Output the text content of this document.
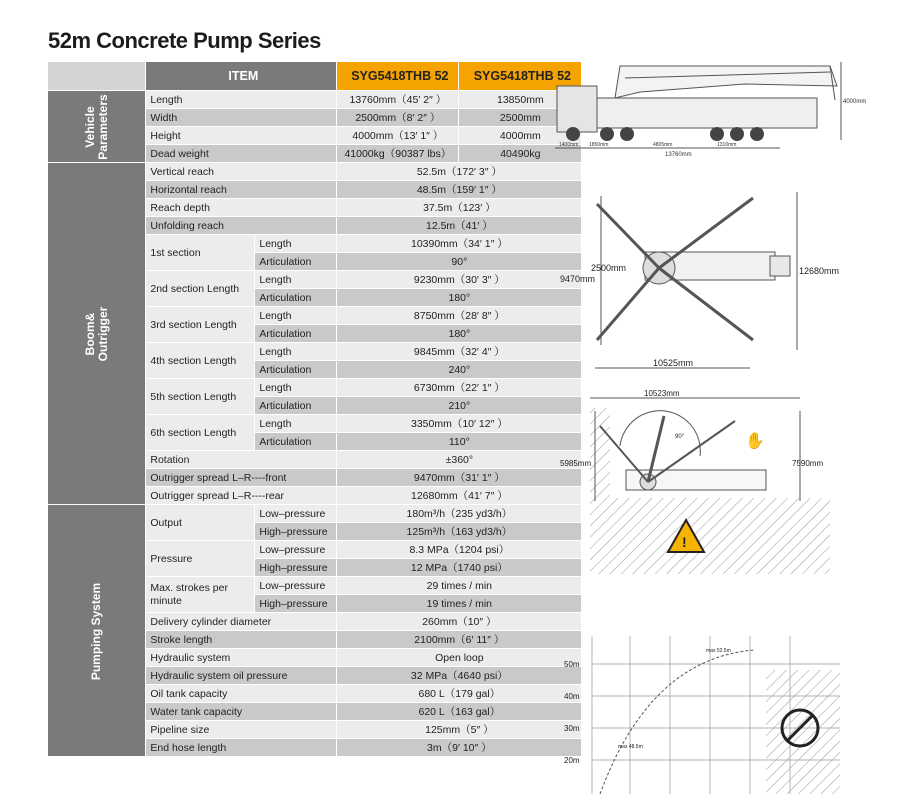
52m Concrete Pump Series
	ITEM		SYG5418THB 52	SYG5418THB 52
Vehicle Parameters	Length		13760mm（45′ 2″ ）	13850mm
	Width		2500mm（8′ 2″ ）	2500mm
	Height		4000mm（13′ 1″ ）	4000mm
	Dead weight		41000kg（90387 lbs）	40490kg
Boom& Outrigger	Vertical reach		52.5m（172′ 3″ ）	
	Horizontal reach		48.5m（159′ 1″ ）	
	Reach depth		37.5m（123′ ）	
	Unfolding reach		12.5m（41′ ）	
	1st section	Length	10390mm（34′ 1″ ）	
		Articulation	90°	
	2nd section Length	Length	9230mm（30′ 3″ ）	
		Articulation	180°	
	3rd section Length	Length	8750mm（28′ 8″ ）	
		Articulation	180°	
	4th section Length	Length	9845mm（32′ 4″ ）	
		Articulation	240°	
	5th section Length	Length	6730mm（22′ 1″ ）	
		Articulation	210°	
	6th section Length	Length	3350mm（10′ 12″ ）	
		Articulation	110°	
	Rotation		±360°	
	Outrigger spread L–R----front		9470mm（31′ 1″ ）	
	Outrigger spread L–R----rear		12680mm（41′ 7″ ）	
Pumping System	Output	Low–pressure	180m³/h（235 yd3/h）	
		High–pressure	125m³/h（163 yd3/h）	
	Pressure	Low–pressure	8.3 MPa（1204 psi）	
		High–pressure	12 MPa（1740 psi）	
	Max. strokes per minute	Low–pressure	29 times / min	
		High–pressure	19 times / min	
	Delivery cylinder diameter		260mm（10″ ）	
	Stroke length		2100mm（6′ 11″ ）	
	Hydraulic system		Open loop	
	Hydraulic system oil pressure		32 MPa（4640 psi）	
	Oil tank capacity		680 L（179 gal）	
	Water tank capacity		620 L（163 gal）	
	Pipeline size		125mm（5″ ）	
	End hose length		3m（9′ 10″ ）	
4000mm
1400mm 1850mm	4805mm	1310mm
13760mm
9470mm
2500mm	12680mm
10525mm
10523mm
5985mm	7590mm
90°
!
✋
50m
40m
30m
20m
max 52.5m
max 48.5m
